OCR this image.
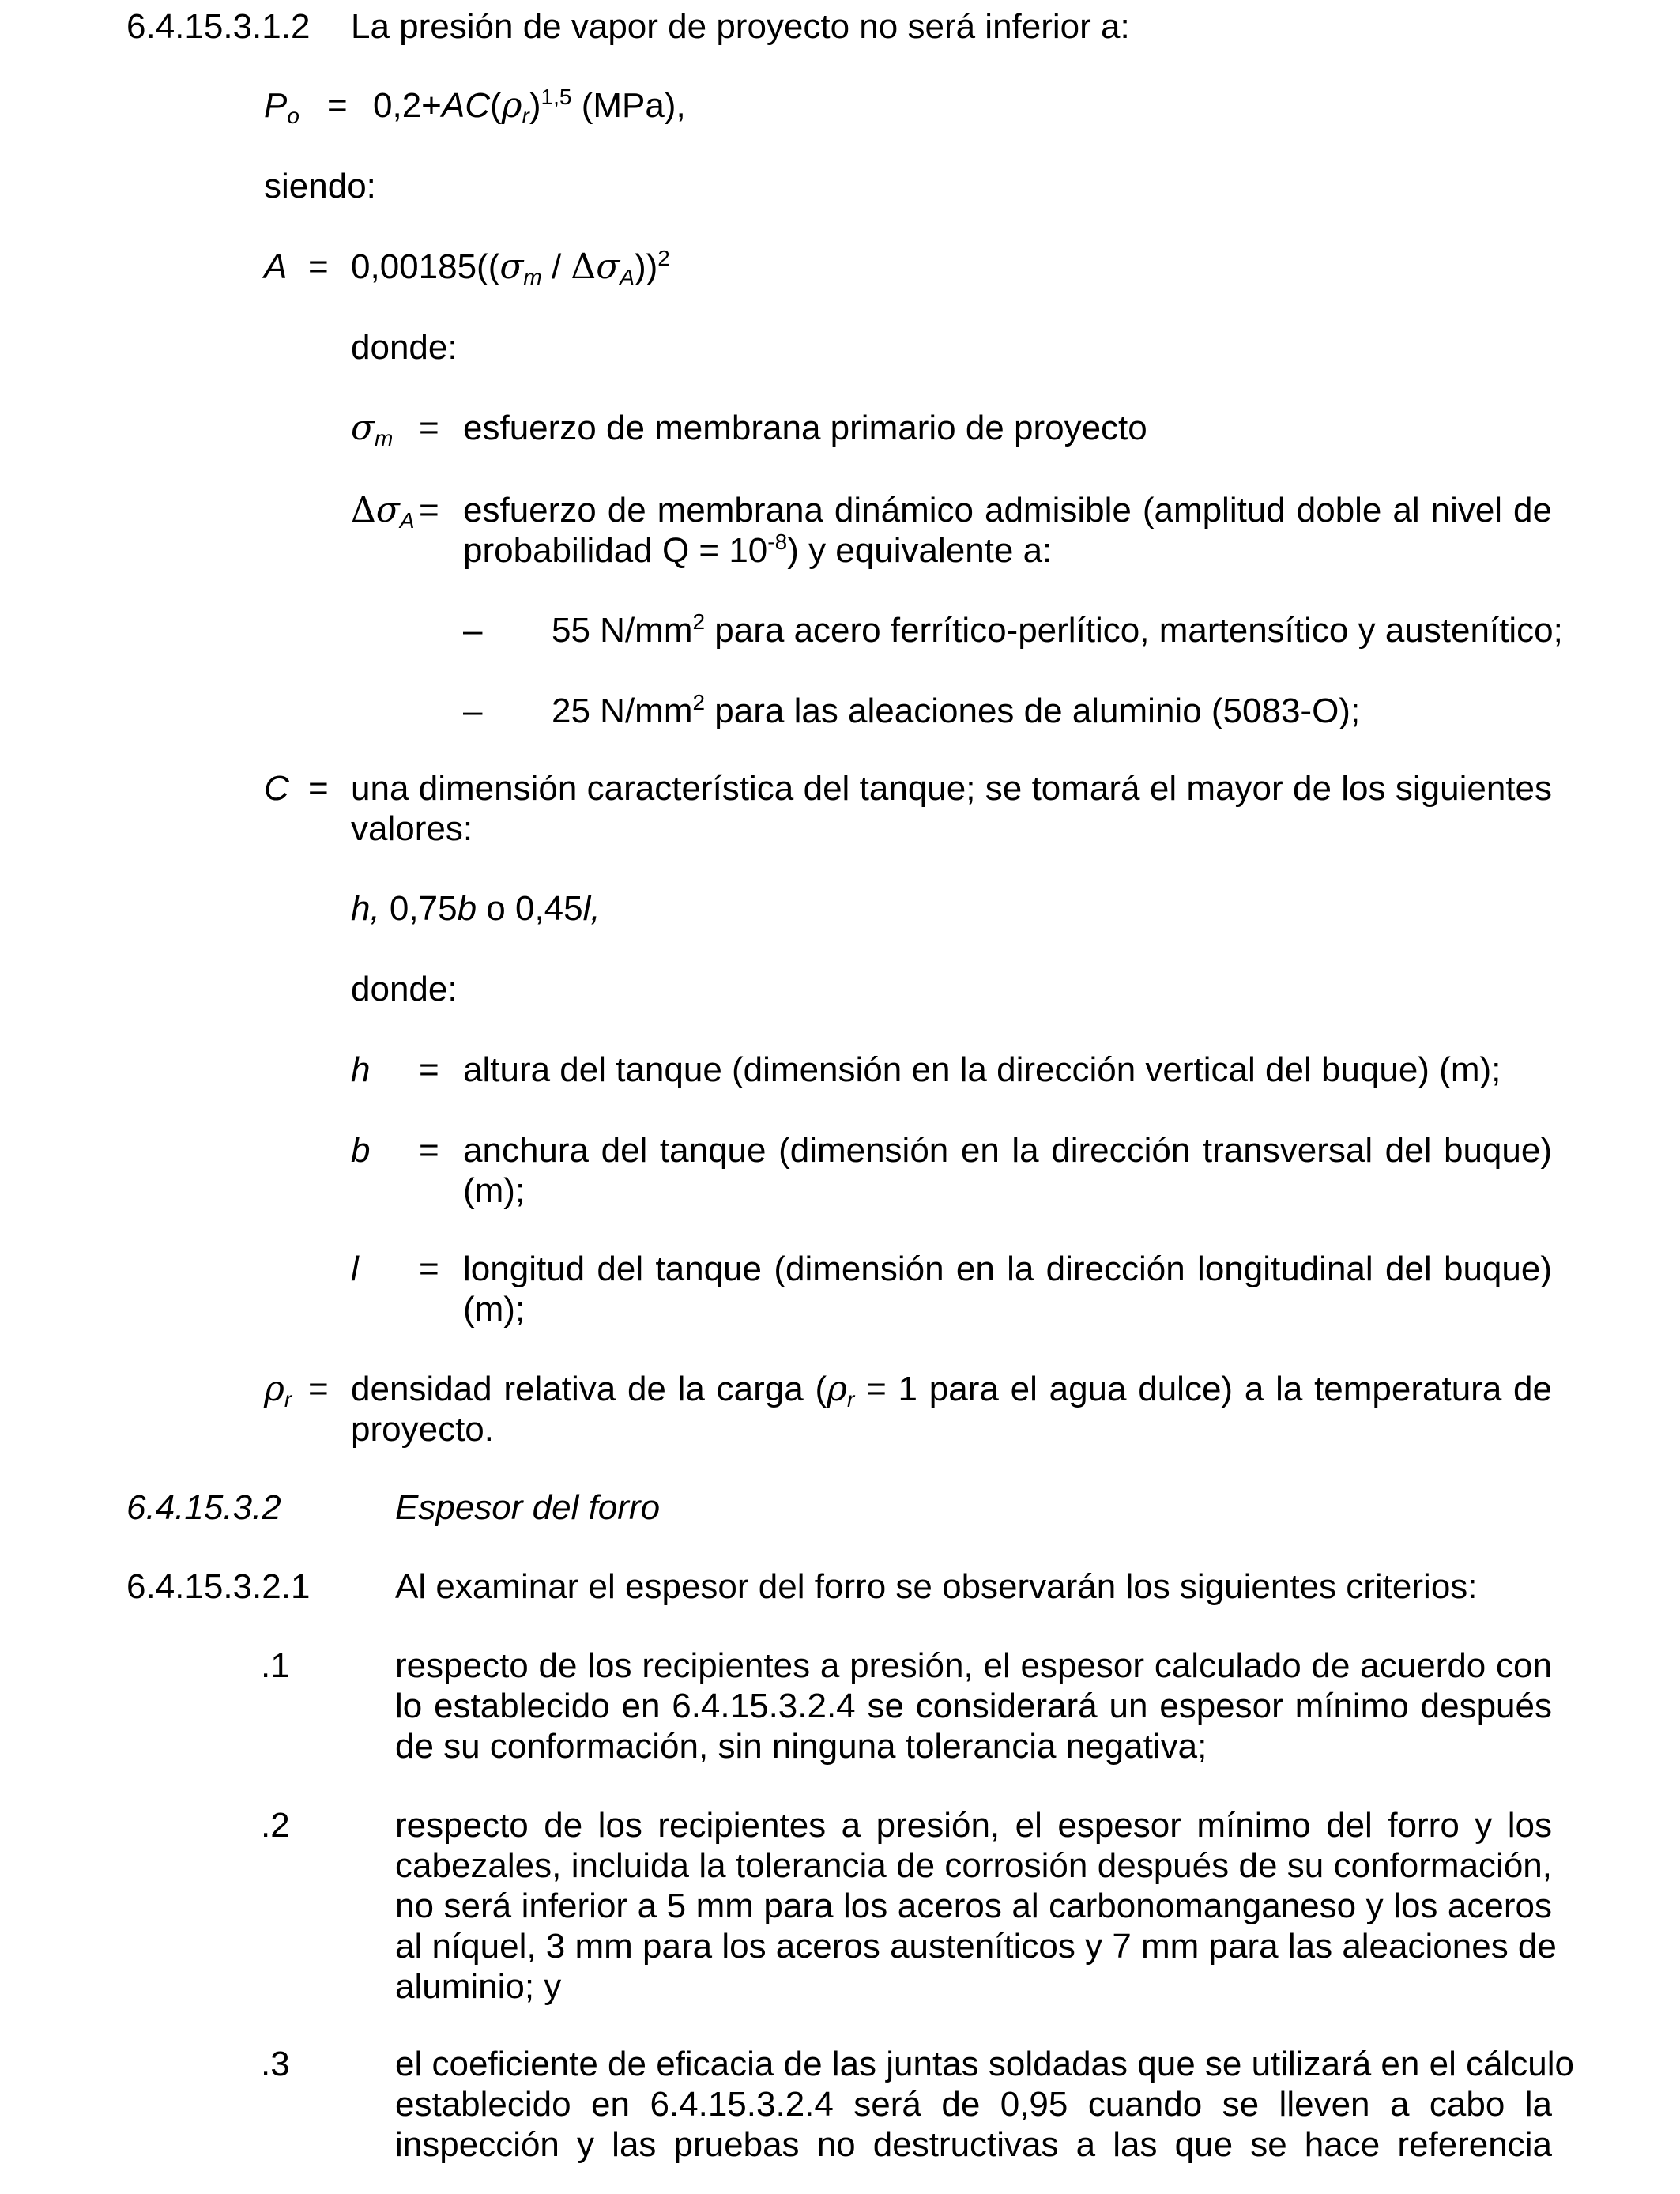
6.4.15.3.1.2 La presión de vapor de proyecto no será inferior a:
$P_o = 0,2+AC(\rho_r)^{1,5}$ (MPa),
siendo:
$A = 0,00185((\sigma_m / \Delta\sigma_A))^2$
donde:
$\sigma_m$ = esfuerzo de membrana primario de proyecto
$\Delta\sigma_A$ = esfuerzo de membrana dinámico admisible (amplitud doble al nivel de
probabilidad $Q = 10^{-8}$) y equivalente a:
– 55 $N/mm^2$ para acero ferrítico-perlítico, martensítico y austenítico;
– 25 $N/mm^2$ para las aleaciones de aluminio (5083-O);
C = una dimensión característica del tanque; se tomará el mayor de los siguientes
valores:
h, 0,75b o 0,45l,
donde:
h = altura del tanque (dimensión en la dirección vertical del buque) (m);
b = anchura del tanque (dimensión en la dirección transversal del buque)
(m);
l = longitud del tanque (dimensión en la dirección longitudinal del buque)
(m);
$\rho_r$ = densidad relativa de la carga ($\rho_r = 1$ para el agua dulce) a la temperatura de
proyecto.
6.4.15.3.2	Espesor del forro
6.4.15.3.2.1 Al examinar el espesor del forro se observarán los siguientes criterios:
.1	respecto de los recipientes a presión, el espesor calculado de acuerdo con
lo establecido en 6.4.15.3.2.4 se considerará un espesor mínimo después
de su conformación, sin ninguna tolerancia negativa;
.2	respecto de los recipientes a presión, el espesor mínimo del forro y los
cabezales, incluida la tolerancia de corrosión después de su conformación,
no será inferior a 5 mm para los aceros al carbonomanganeso y los aceros
al níquel, 3 mm para los aceros austeníticos y 7 mm para las aleaciones de
aluminio; y
.3	el coeficiente de eficacia de las juntas soldadas que se utilizará en el cálculo
establecido en 6.4.15.3.2.4 será de 0,95 cuando se lleven a cabo la
inspección y las pruebas no destructivas a las que se hace referencia
